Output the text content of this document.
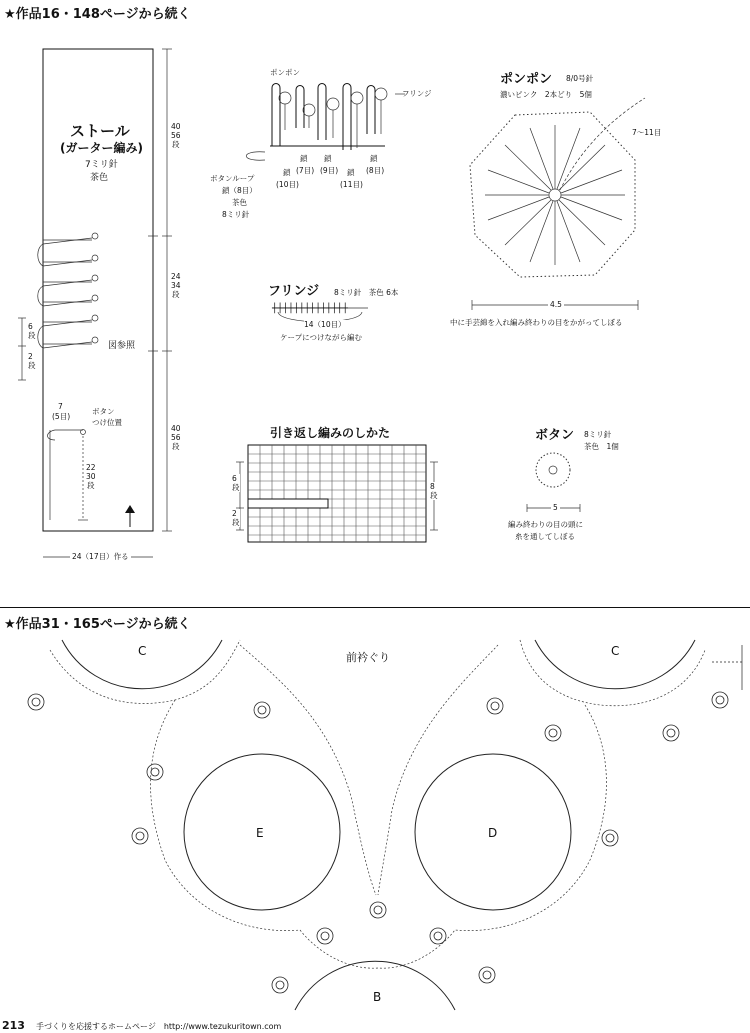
★作品16・148ページから続く
ストール
(ガーター編み)
7ミリ針
茶色
40
56
段
24
34
段
40
56
段
6
段
2
段
図参照
7
(5目)
ボタン
つけ位置
22
30
段
24（17目）作る
ポンポン
フリンジ
鎖
(10目)
鎖
(7目)
鎖
(9目) 鎖
(11目)
鎖
(8目)
ボタンループ
鎖（8目）
茶色
8ミリ針
ポンポン 8/0号針
濃いピンク　2本どり　5個
7〜11目
4.5
中に手芸綿を入れ編み終わりの目をかがってしぼる
フリンジ 8ミリ針　茶色 6本
┼┼┼┼┼┼┼┼┼┼┼┼┼┼
14（10目）
ケープにつけながら編む
引き返し編みのしかた
6
段
2
段
8
段
ボタン 8ミリ針
茶色　1個
5
編み終わりの目の頭に
糸を通してしぼる
★作品31・165ページから続く
前衿ぐり
C	C
E	D
B
213 手づくりを応援するホームページ　http://www.tezukuritown.com
